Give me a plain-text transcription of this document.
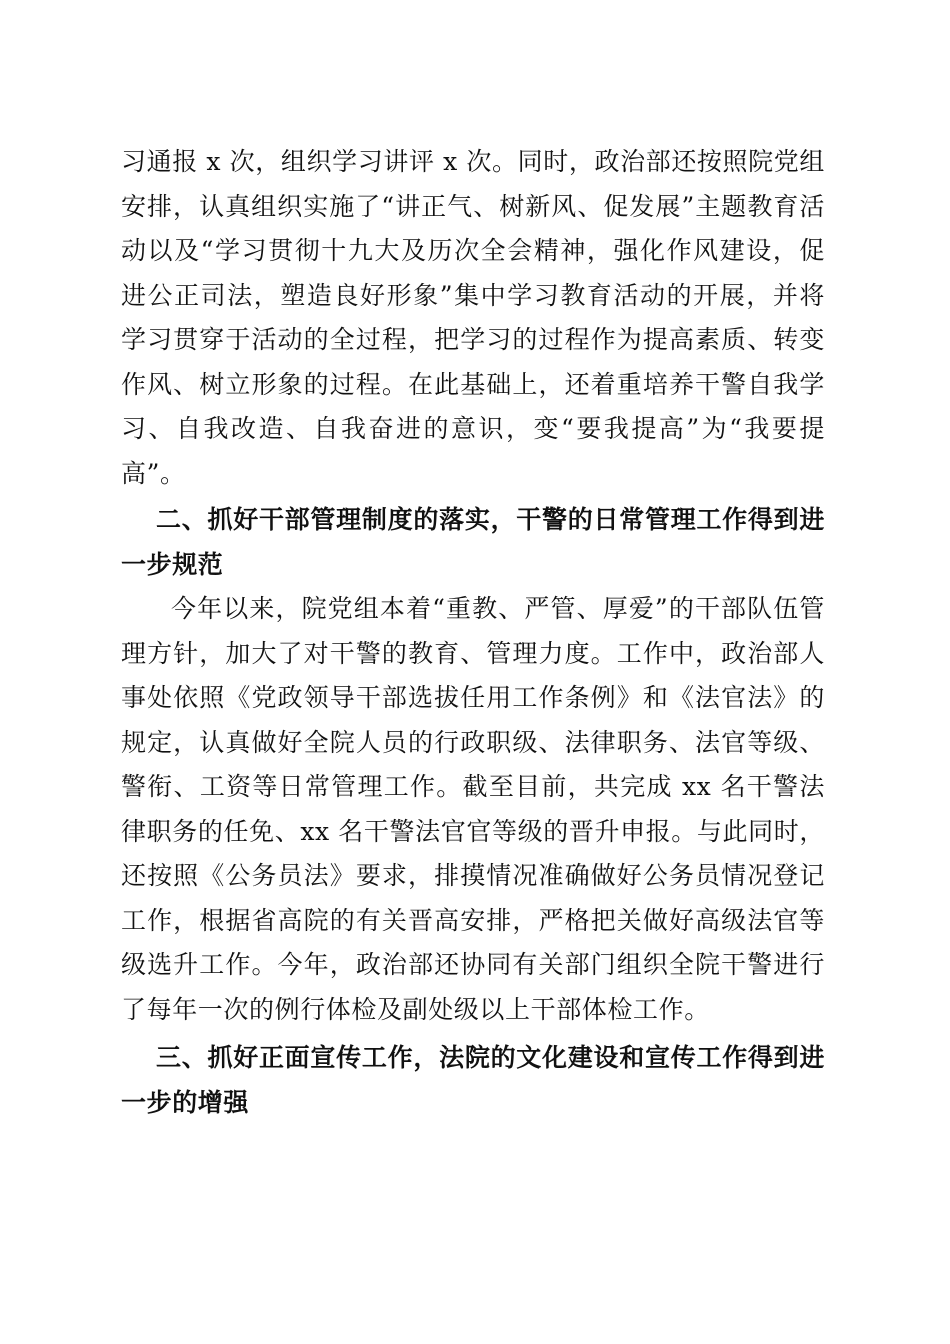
习通报 x 次，组织学习讲评 x 次。同时，政治部还按照院党组安排，认真组织实施了“讲正气、树新风、促发展”主题教育活动以及“学习贯彻十九大及历次全会精神，强化作风建设，促进公正司法，塑造良好形象”集中学习教育活动的开展，并将学习贯穿于活动的全过程，把学习的过程作为提高素质、转变作风、树立形象的过程。在此基础上，还着重培养干警自我学习、自我改造、自我奋进的意识，变“要我提高”为“我要提高”。

二、抓好干部管理制度的落实，干警的日常管理工作得到进一步规范

今年以来，院党组本着“重教、严管、厚爱”的干部队伍管理方针，加大了对干警的教育、管理力度。工作中，政治部人事处依照《党政领导干部选拔任用工作条例》和《法官法》的规定，认真做好全院人员的行政职级、法律职务、法官等级、警衔、工资等日常管理工作。截至目前，共完成 xx 名干警法律职务的任免、xx 名干警法官官等级的晋升申报。与此同时，还按照《公务员法》要求，排摸情况准确做好公务员情况登记工作，根据省高院的有关晋高安排，严格把关做好高级法官等级选升工作。今年，政治部还协同有关部门组织全院干警进行了每年一次的例行体检及副处级以上干部体检工作。

三、抓好正面宣传工作，法院的文化建设和宣传工作得到进一步的增强
